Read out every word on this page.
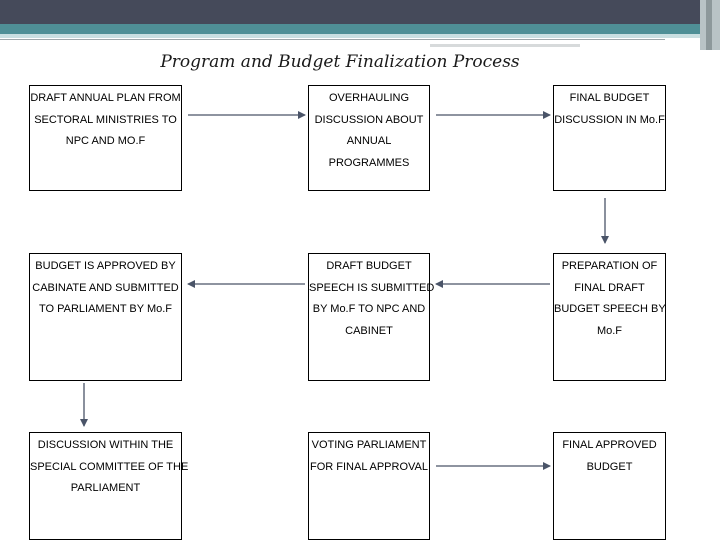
Program and Budget Finalization Process
DRAFT ANNUAL PLAN FROM
SECTORAL MINISTRIES TO
NPC AND MO.F
OVERHAULING
DISCUSSION ABOUT
ANNUAL
PROGRAMMES
FINAL BUDGET
DISCUSSION IN Mo.F
BUDGET IS APPROVED BY
CABINATE AND SUBMITTED
TO PARLIAMENT BY Mo.F
DRAFT BUDGET
SPEECH IS SUBMITTED
BY Mo.F TO NPC AND
CABINET
PREPARATION OF
FINAL DRAFT
BUDGET SPEECH BY
Mo.F
DISCUSSION WITHIN THE
SPECIAL COMMITTEE OF THE
PARLIAMENT
VOTING PARLIAMENT
FOR FINAL APPROVAL
FINAL APPROVED
BUDGET
